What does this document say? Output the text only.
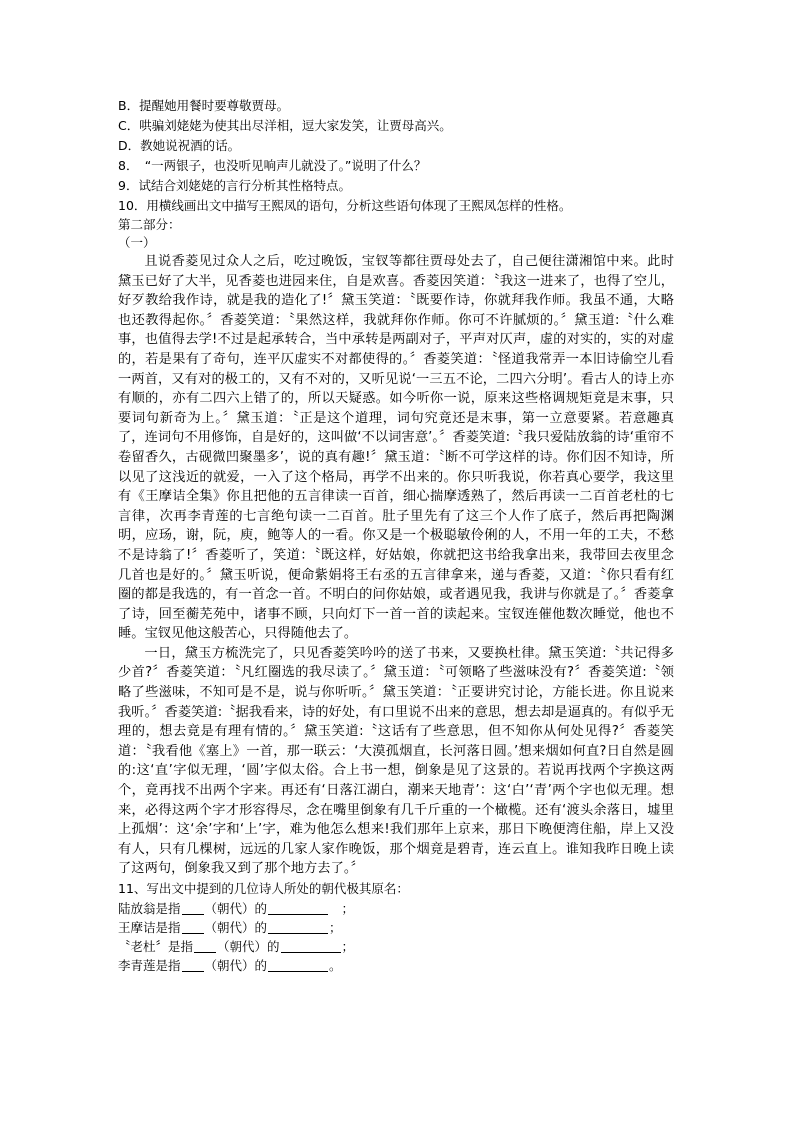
B．提醒她用餐时要尊敬贾母。

C．哄骗刘姥姥为使其出尽洋相，逗大家发笑，让贾母高兴。

D．教她说祝酒的话。

8．　“一两银子，也没听见响声儿就没了。”说明了什么？

9．试结合刘姥姥的言行分析其性格特点。

10．用横线画出文中描写王熙凤的语句，分析这些语句体现了王熙凤怎样的性格。

第二部分：

（一）

且说香菱见过众人之后，吃过晚饭，宝钗等都往贾母处去了，自己便往潇湘馆中来。此时黛玉已好了大半，见香菱也进园来住，自是欢喜。香菱因笑道：〝我这一进来了，也得了空儿，好歹教给我作诗，就是我的造化了!〞黛玉笑道：〝既要作诗，你就拜我作师。我虽不通，大略也还教得起你。〞香菱笑道：〝果然这样，我就拜你作师。你可不许腻烦的。〞黛玉道:〝什么难事，也值得去学!不过是起承转合，当中承转是两副对子，平声对仄声，虚的对实的，实的对虚的，若是果有了奇句，连平仄虚实不对都使得的。〞香菱笑道：〝怪道我常弄一本旧诗偷空儿看一两首，又有对的极工的，又有不对的，又听见说‘一三五不论，二四六分明’。看古人的诗上亦有顺的，亦有二四六上错了的，所以天疑惑。如今听你一说，原来这些格调规矩竟是末事，只要词句新奇为上。〞黛玉道：〝正是这个道理，词句究竟还是末事，第一立意要紧。若意趣真了，连词句不用修饰，自是好的，这叫做‘不以词害意’。〞香菱笑道:〝我只爱陆放翁的诗‘重帘不卷留香久，古砚微凹聚墨多’，说的真有趣!〞黛玉道：〝断不可学这样的诗。你们因不知诗，所以见了这浅近的就爱，一入了这个格局，再学不出来的。你只听我说，你若真心要学，我这里有《王摩诘全集》你且把他的五言律读一百首，细心揣摩透熟了，然后再读一二百首老杜的七言律，次再李青莲的七言绝句读一二百首。肚子里先有了这三个人作了底子，然后再把陶渊明，应玚，谢，阮，庾，鲍等人的一看。你又是一个极聪敏伶俐的人，不用一年的工夫，不愁不是诗翁了!〞香菱听了，笑道：〝既这样，好姑娘，你就把这书给我拿出来，我带回去夜里念几首也是好的。〞黛玉听说，便命紫娟将王右丞的五言律拿来，递与香菱，又道：〝你只看有红圈的都是我选的，有一首念一首。不明白的问你姑娘，或者遇见我，我讲与你就是了。〞香菱拿了诗，回至蘅芜苑中，诸事不顾，只向灯下一首一首的读起来。宝钗连催他数次睡觉，他也不睡。宝钗见他这般苦心，只得随他去了。

一日，黛玉方梳洗完了，只见香菱笑吟吟的送了书来，又要换杜律。黛玉笑道:〝共记得多少首?〞香菱笑道：〝凡红圈选的我尽读了。〞黛玉道：〝可领略了些滋味没有?〞香菱笑道:〝领略了些滋味，不知可是不是，说与你听听。〞黛玉笑道：〝正要讲究讨论，方能长进。你且说来我听。〞香菱笑道:〝据我看来，诗的好处，有口里说不出来的意思，想去却是逼真的。有似乎无理的，想去竟是有理有情的。〞黛玉笑道:〝这话有了些意思，但不知你从何处见得?〞香菱笑道：〝我看他《塞上》一首，那一联云：‘大漠孤烟直，长河落日圆。’想来烟如何直?日自然是圆的:这‘直’字似无理，‘圆’字似太俗。合上书一想，倒象是见了这景的。若说再找两个字换这两个，竟再找不出两个字来。再还有‘日落江湖白，潮来天地青’：这‘白’‘青’两个字也似无理。想来，必得这两个字才形容得尽，念在嘴里倒象有几千斤重的一个橄榄。还有‘渡头余落日，墟里上孤烟’：这‘余’字和‘上’字，难为他怎么想来!我们那年上京来，那日下晚便湾住船，岸上又没有人，只有几棵树，远远的几家人家作晚饭，那个烟竟是碧青，连云直上。谁知我昨日晚上读了这两句，倒象我又到了那个地方去了。〞

11、写出文中提到的几位诗人所处的朝代极其原名：

陆放翁是指 （朝代）的	　；

王摩诘是指 （朝代）的	；

〝老杜〞是指 （朝代）的	；

李青莲是指 （朝代）的	。
